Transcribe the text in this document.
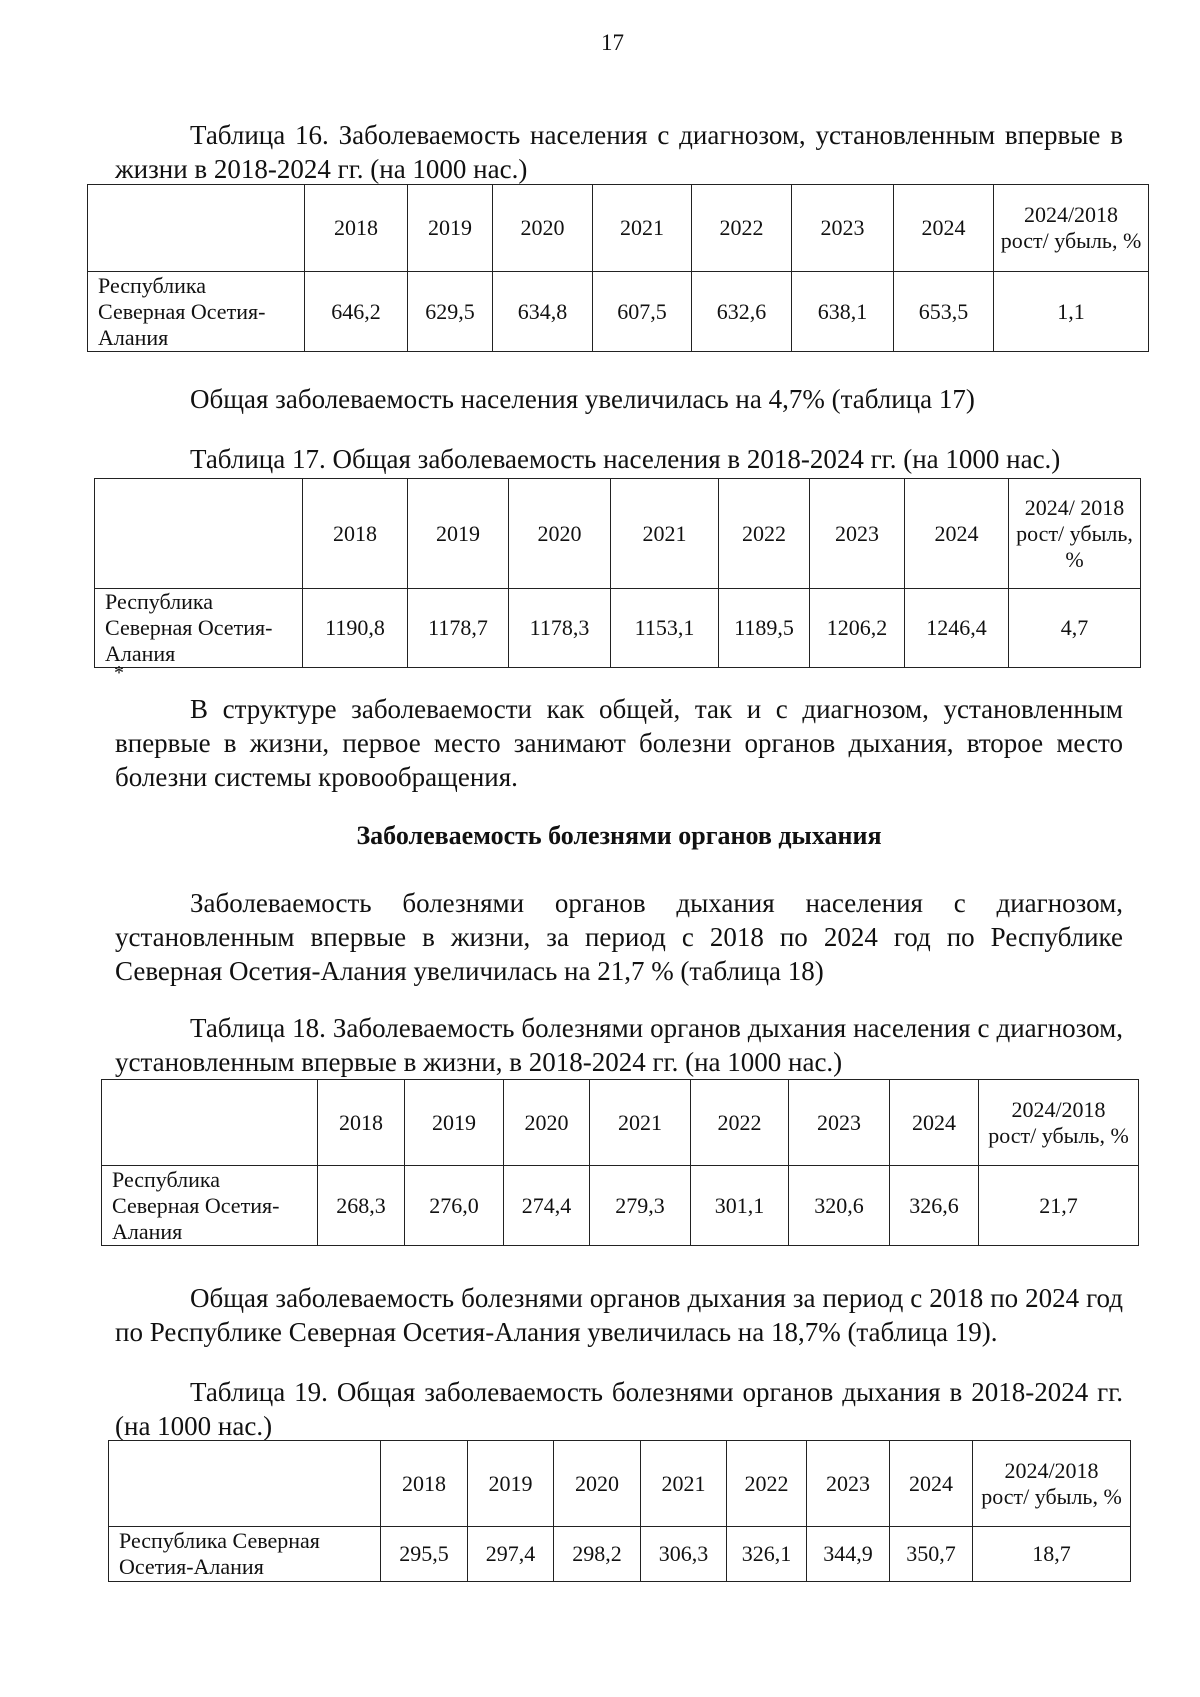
17
Таблица 16. Заболеваемость населения с диагнозом, установленным впервые в жизни в 2018-2024 гг. (на 1000 нас.)
	2018	2019	2020	2021	2022	2023	2024	2024/2018 рост/ убыль, %
Республика Северная Осетия-Алания	646,2	629,5	634,8	607,5	632,6	638,1	653,5	1,1
Общая заболеваемость населения увеличилась на 4,7% (таблица 17)
Таблица 17. Общая заболеваемость населения в 2018-2024 гг. (на 1000 нас.)
	2018	2019	2020	2021	2022	2023	2024	2024/ 2018 рост/ убыль, %
Республика Северная Осетия-Алания	1190,8	1178,7	1178,3	1153,1	1189,5	1206,2	1246,4	4,7
*
В структуре заболеваемости как общей, так и с диагнозом, установленным впервые в жизни, первое место занимают болезни органов дыхания, второе место болезни системы кровообращения.
Заболеваемость болезнями органов дыхания
Заболеваемость болезнями органов дыхания населения с диагнозом, установленным впервые в жизни, за период с 2018 по 2024 год по Республике Северная Осетия-Алания увеличилась на 21,7 % (таблица 18)
Таблица 18. Заболеваемость болезнями органов дыхания населения с диагнозом, установленным впервые в жизни, в 2018-2024 гг. (на 1000 нас.)
	2018	2019	2020	2021	2022	2023	2024	2024/2018 рост/ убыль, %
Республика Северная Осетия-Алания	268,3	276,0	274,4	279,3	301,1	320,6	326,6	21,7
Общая заболеваемость болезнями органов дыхания за период с 2018 по 2024 год по Республике Северная Осетия-Алания увеличилась на 18,7% (таблица 19).
Таблица 19. Общая заболеваемость болезнями органов дыхания в 2018-2024 гг. (на 1000 нас.)
	2018	2019	2020	2021	2022	2023	2024	2024/2018 рост/ убыль, %
Республика Северная Осетия-Алания	295,5	297,4	298,2	306,3	326,1	344,9	350,7	18,7
